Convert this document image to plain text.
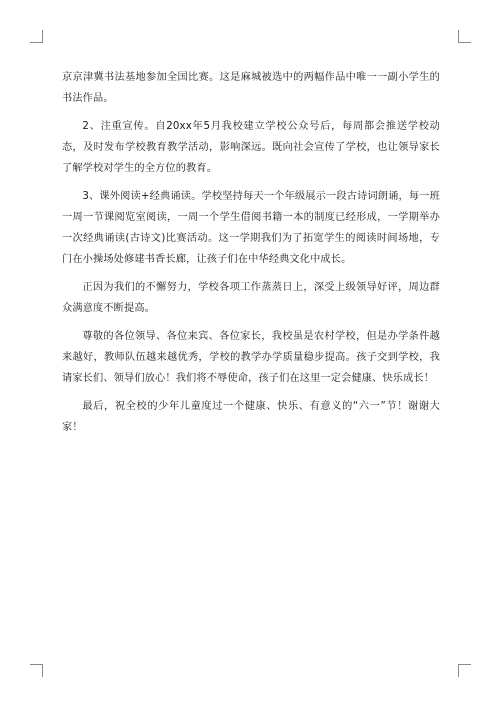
京京津冀书法基地参加全国比赛。这是麻城被选中的两幅作品中唯一一副小学生的书法作品。

2、注重宣传。自20xx年5月我校建立学校公众号后，每周都会推送学校动态，及时发布学校教育教学活动，影响深远。既向社会宣传了学校，也让领导家长了解学校对学生的全方位的教育。

3、课外阅读+经典诵读。学校坚持每天一个年级展示一段古诗词朗诵，每一班一周一节课阅览室阅读，一周一个学生借阅书籍一本的制度已经形成，一学期举办一次经典诵读(古诗文)比赛活动。这一学期我们为了拓宽学生的阅读时间场地，专门在小操场处修建书香长廊，让孩子们在中华经典文化中成长。

正因为我们的不懈努力，学校各项工作蒸蒸日上，深受上级领导好评，周边群众满意度不断提高。

尊敬的各位领导、各位来宾、各位家长，我校虽是农村学校，但是办学条件越来越好，教师队伍越来越优秀，学校的教学办学质量稳步提高。孩子交到学校，我请家长们、领导们放心！我们将不辱使命，孩子们在这里一定会健康、快乐成长！

最后，祝全校的少年儿童度过一个健康、快乐、有意义的“六一”节！谢谢大家！
